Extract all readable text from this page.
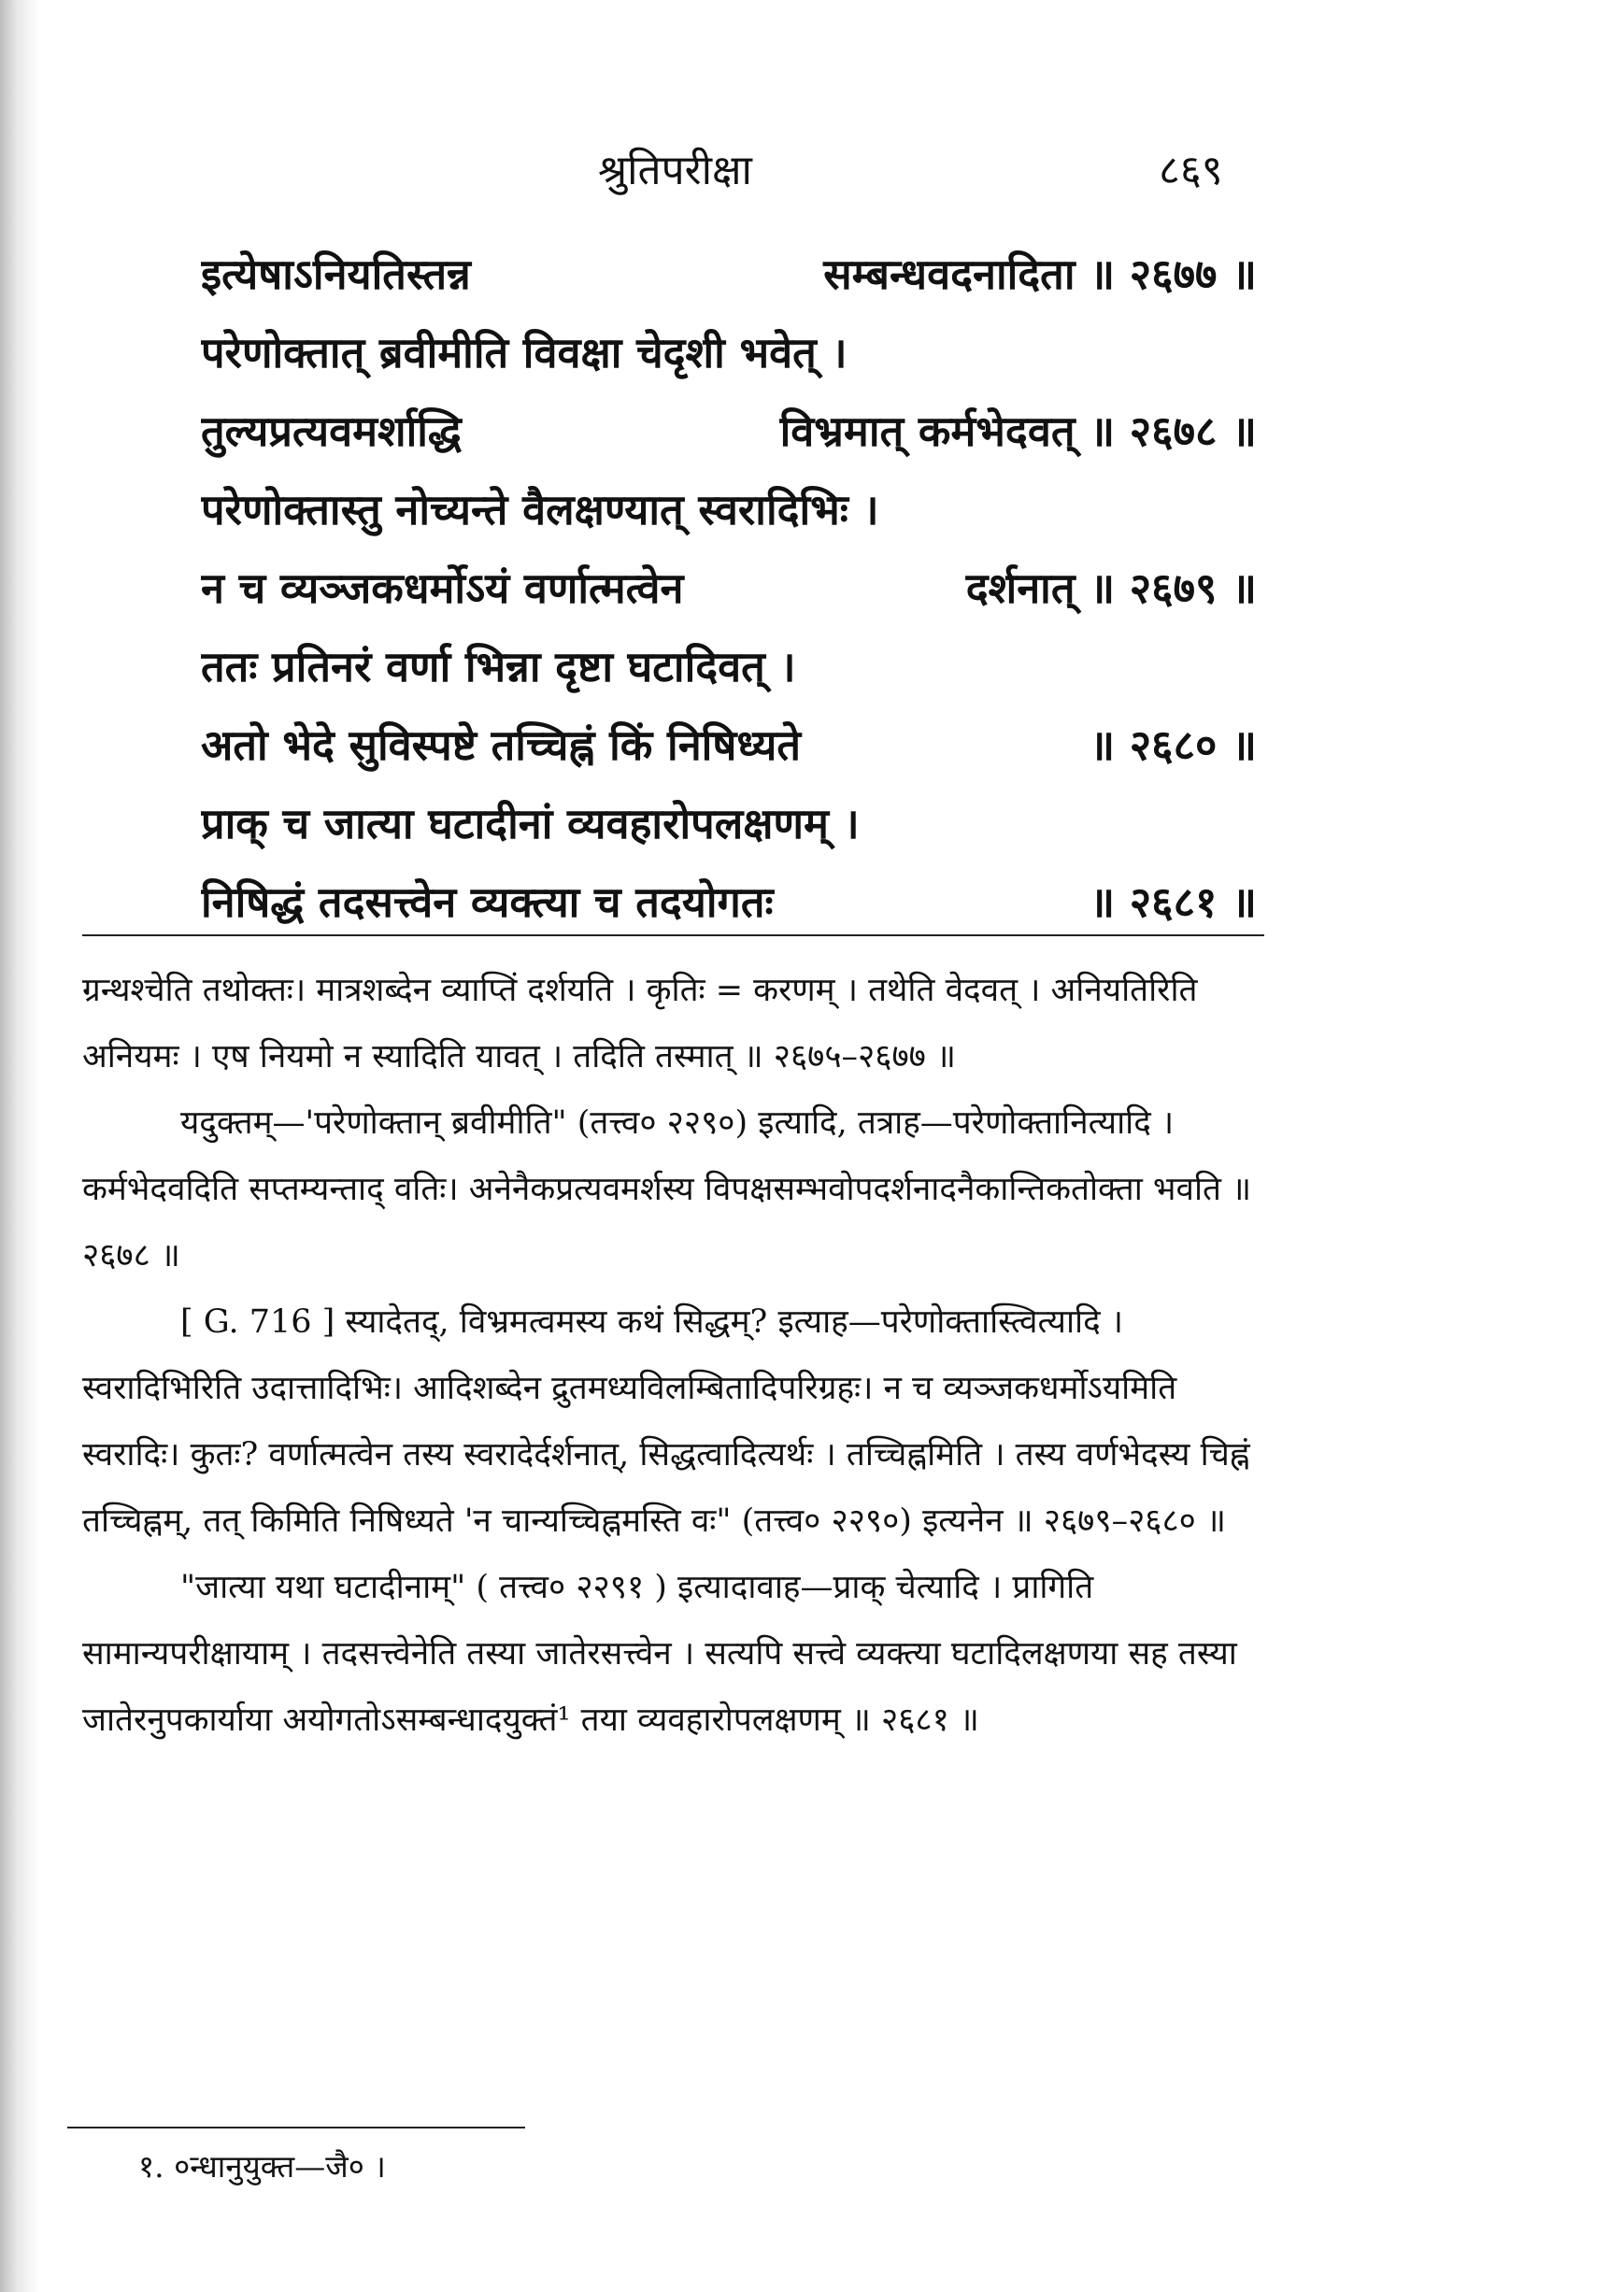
श्रुतिपरीक्षा	८६९
इत्येषाऽनियतिस्तन्न	सम्बन्धवदनादिता ॥ २६७७ ॥
परेणोक्तात् ब्रवीमीति विवक्षा चेदृशी भवेत् ।
तुल्यप्रत्यवमर्शाद्धि	विभ्रमात् कर्मभेदवत् ॥ २६७८ ॥
परेणोक्तास्तु नोच्यन्ते वैलक्षण्यात् स्वरादिभिः ।
न च व्यञ्जकधर्मोऽयं वर्णात्मत्वेन	दर्शनात् ॥ २६७९ ॥
ततः प्रतिनरं वर्णा भिन्ना दृष्टा घटादिवत् ।
अतो भेदे सुविस्पष्टे तच्चिह्नं किं निषिध्यते	॥ २६८० ॥
प्राक् च जात्या घटादीनां व्यवहारोपलक्षणम् ।
निषिद्धं तदसत्त्वेन व्यक्त्या च तदयोगतः	॥ २६८१ ॥

ग्रन्थश्चेति तथोक्तः। मात्रशब्देन व्याप्तिं दर्शयति । कृतिः = करणम् । तथेति वेदवत् । अनियतिरिति अनियमः । एष नियमो न स्यादिति यावत् । तदिति तस्मात् ॥ २६७५–२६७७ ॥

यदुक्तम्—'परेणोक्तान् ब्रवीमीति" (तत्त्व० २२९०) इत्यादि, तत्राह—परेणोक्तानित्यादि । कर्मभेदवदिति सप्तम्यन्ताद् वतिः। अनेनैकप्रत्यवमर्शस्य विपक्षसम्भवोपदर्शनादनैकान्तिकतोक्ता भवति ॥ २६७८ ॥

[ G. 716 ] स्यादेतद्, विभ्रमत्वमस्य कथं सिद्धम्? इत्याह—परेणोक्तास्त्वित्यादि । स्वरादिभिरिति उदात्तादिभिः। आदिशब्देन द्रुतमध्यविलम्बितादिपरिग्रहः। न च व्यञ्जकधर्मोऽयमिति स्वरादिः। कुतः? वर्णात्मत्वेन तस्य स्वरादेर्दर्शनात्, सिद्धत्वादित्यर्थः । तच्चिह्नमिति । तस्य वर्णभेदस्य चिह्नं तच्चिह्नम्, तत् किमिति निषिध्यते 'न चान्यच्चिह्नमस्ति वः" (तत्त्व० २२९०) इत्यनेन ॥ २६७९–२६८० ॥

"जात्या यथा घटादीनाम्" ( तत्त्व० २२९१ ) इत्यादावाह—प्राक् चेत्यादि । प्रागिति सामान्यपरीक्षायाम् । तदसत्त्वेनेति तस्या जातेरसत्त्वेन । सत्यपि सत्त्वे व्यक्त्या घटादिलक्षणया सह तस्या जातेरनुपकार्याया अयोगतोऽसम्बन्धादयुक्तं¹ तया व्यवहारोपलक्षणम् ॥ २६८१ ॥

१. ०न्धानुयुक्त—जै० ।
